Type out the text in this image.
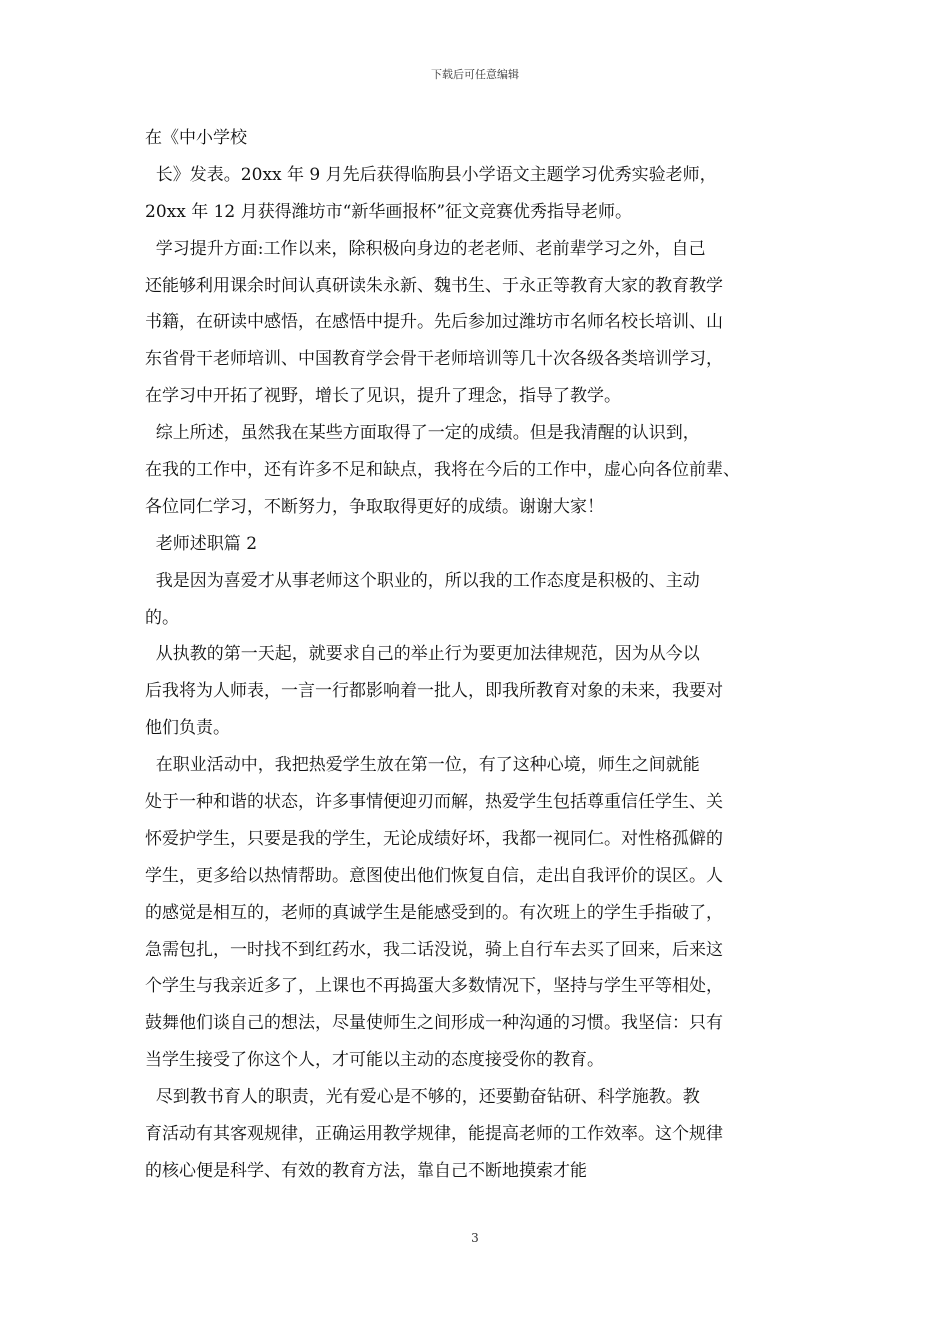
下载后可任意编辑
在《中小学校
长》发表。20xx 年 9 月先后获得临朐县小学语文主题学习优秀实验老师，
20xx 年 12 月获得潍坊市“新华画报杯”征文竞赛优秀指导老师。
学习提升方面:工作以来，除积极向身边的老老师、老前辈学习之外，自己
还能够利用课余时间认真研读朱永新、魏书生、于永正等教育大家的教育教学
书籍，在研读中感悟，在感悟中提升。先后参加过潍坊市名师名校长培训、山
东省骨干老师培训、中国教育学会骨干老师培训等几十次各级各类培训学习，
在学习中开拓了视野，增长了见识，提升了理念，指导了教学。
综上所述，虽然我在某些方面取得了一定的成绩。但是我清醒的认识到，
在我的工作中，还有许多不足和缺点，我将在今后的工作中，虚心向各位前辈、
各位同仁学习，不断努力，争取取得更好的成绩。谢谢大家！
老师述职篇 2
我是因为喜爱才从事老师这个职业的，所以我的工作态度是积极的、主动
的。
从执教的第一天起，就要求自己的举止行为要更加法律规范，因为从今以
后我将为人师表，一言一行都影响着一批人，即我所教育对象的未来，我要对
他们负责。
在职业活动中，我把热爱学生放在第一位，有了这种心境，师生之间就能
处于一种和谐的状态，许多事情便迎刃而解，热爱学生包括尊重信任学生、关
怀爱护学生，只要是我的学生，无论成绩好坏，我都一视同仁。对性格孤僻的
学生，更多给以热情帮助。意图使出他们恢复自信，走出自我评价的误区。人
的感觉是相互的，老师的真诚学生是能感受到的。有次班上的学生手指破了，
急需包扎，一时找不到红药水，我二话没说，骑上自行车去买了回来，后来这
个学生与我亲近多了，上课也不再捣蛋大多数情况下，坚持与学生平等相处，
鼓舞他们谈自己的想法，尽量使师生之间形成一种沟通的习惯。我坚信：只有
当学生接受了你这个人，才可能以主动的态度接受你的教育。
尽到教书育人的职责，光有爱心是不够的，还要勤奋钻研、科学施教。教
育活动有其客观规律，正确运用教学规律，能提高老师的工作效率。这个规律
的核心便是科学、有效的教育方法，靠自己不断地摸索才能
3
